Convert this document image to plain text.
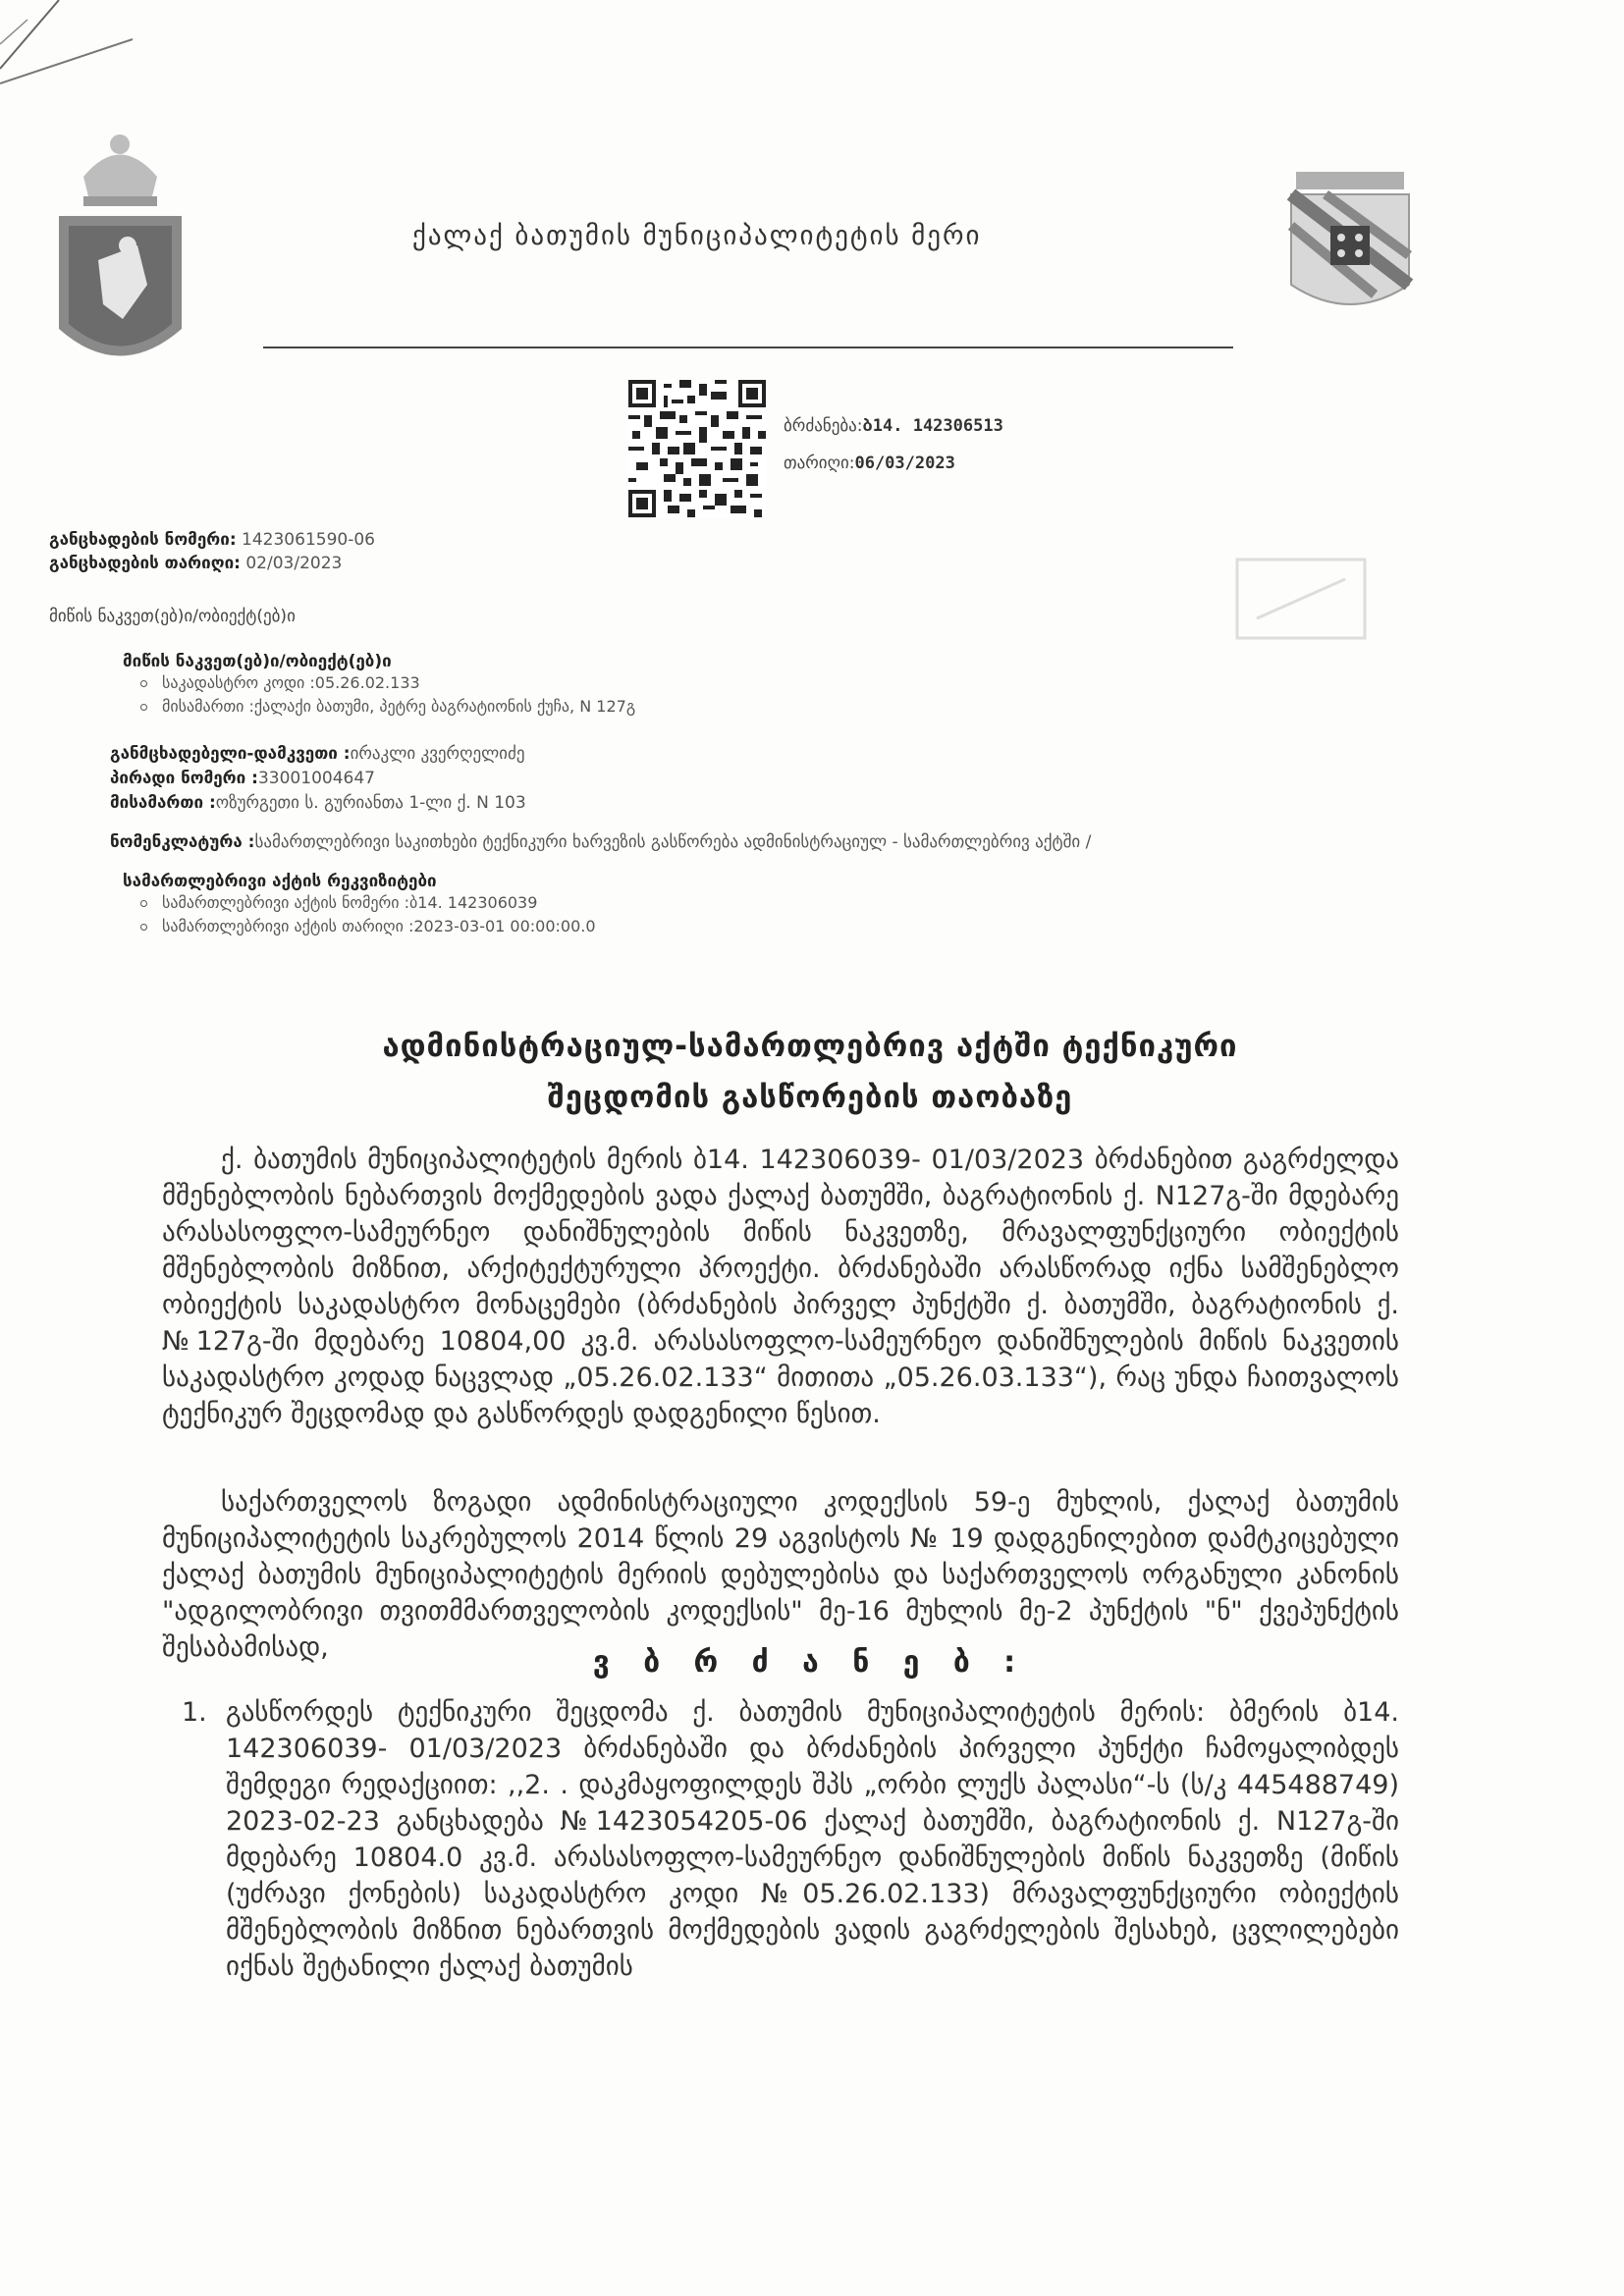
ქალაქ ბათუმის მუნიციპალიტეტის მერი
ბრძანება:ბ14. 142306513
თარიღი:06/03/2023
განცხადების ნომერი: 1423061590-06
განცხადების თარიღი: 02/03/2023
მიწის ნაკვეთ(ებ)ი/ობიექტ(ებ)ი
მიწის ნაკვეთ(ებ)ი/ობიექტ(ებ)ი
საკადასტრო კოდი :05.26.02.133
მისამართი :ქალაქი ბათუმი, პეტრე ბაგრატიონის ქუჩა, N 127გ
განმცხადებელი-დამკვეთი :ირაკლი კვერღელიძე
პირადი ნომერი :33001004647
მისამართი :ოზურგეთი ს. გურიანთა 1-ლი ქ. N 103
ნომენკლატურა :სამართლებრივი საკითხები ტექნიკური ხარვეზის გასწორება ადმინისტრაციულ - სამართლებრივ აქტში /
სამართლებრივი აქტის რეკვიზიტები
სამართლებრივი აქტის ნომერი :ბ14. 142306039
სამართლებრივი აქტის თარიღი :2023-03-01 00:00:00.0
ადმინისტრაციულ-სამართლებრივ აქტში ტექნიკური
შეცდომის გასწორების თაობაზე
ქ. ბათუმის მუნიციპალიტეტის მერის ბ14. 142306039- 01/03/2023 ბრძანებით გაგრძელდა მშენებლობის ნებართვის მოქმედების ვადა ქალაქ ბათუმში, ბაგრატიონის ქ. N127გ-ში მდებარე არასასოფლო-სამეურნეო დანიშნულების მიწის ნაკვეთზე, მრავალფუნქციური ობიექტის მშენებლობის მიზნით, არქიტექტურული პროექტი. ბრძანებაში არასწორად იქნა სამშენებლო ობიექტის საკადასტრო მონაცემები (ბრძანების პირველ პუნქტში ქ. ბათუმში, ბაგრატიონის ქ. №127გ-ში მდებარე 10804,00 კვ.მ. არასასოფლო-სამეურნეო დანიშნულების მიწის ნაკვეთის საკადასტრო კოდად ნაცვლად „05.26.02.133“ მითითა „05.26.03.133“), რაც უნდა ჩაითვალოს ტექნიკურ შეცდომად და გასწორდეს დადგენილი წესით.
საქართველოს ზოგადი ადმინისტრაციული კოდექსის 59-ე მუხლის, ქალაქ ბათუმის მუნიციპალიტეტის საკრებულოს 2014 წლის 29 აგვისტოს № 19 დადგენილებით დამტკიცებული ქალაქ ბათუმის მუნიციპალიტეტის მერიის დებულებისა და საქართველოს ორგანული კანონის "ადგილობრივი თვითმმართველობის კოდექსის" მე-16 მუხლის მე-2 პუნქტის "ნ" ქვეპუნქტის შესაბამისად,	ვ ბ რ ძ ა ნ ე ბ :
1. გასწორდეს ტექნიკური შეცდომა ქ. ბათუმის მუნიციპალიტეტის მერის: ბმერის ბ14. 142306039- 01/03/2023 ბრძანებაში და ბრძანების პირველი პუნქტი ჩამოყალიბდეს შემდეგი რედაქციით: ,,2. . დაკმაყოფილდეს შპს „ორბი ლუქს პალასი“-ს (ს/კ 445488749) 2023-02-23 განცხადება №1423054205-06 ქალაქ ბათუმში, ბაგრატიონის ქ. N127გ-ში მდებარე 10804.0 კვ.მ. არასასოფლო-სამეურნეო დანიშნულების მიწის ნაკვეთზე (მიწის (უძრავი ქონების) საკადასტრო კოდი №05.26.02.133) მრავალფუნქციური ობიექტის მშენებლობის მიზნით ნებართვის მოქმედების ვადის გაგრძელების შესახებ, ცვლილებები იქნას შეტანილი ქალაქ ბათუმის
